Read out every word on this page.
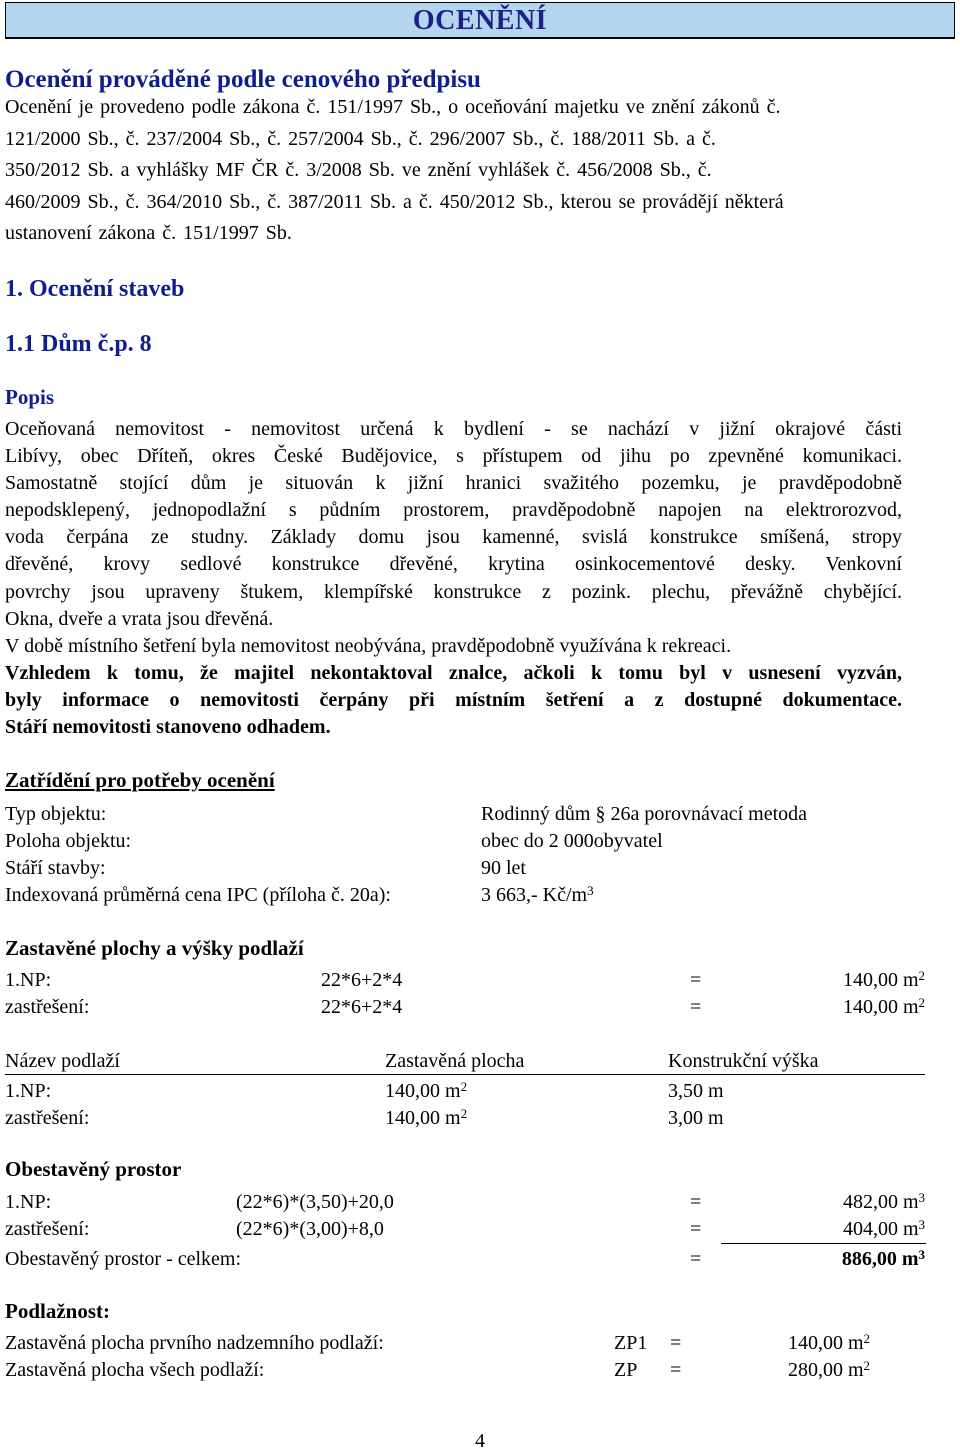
OCENĚNÍ
Ocenění prováděné podle cenového předpisu
Ocenění je provedeno podle zákona č. 151/1997 Sb., o oceňování majetku ve znění zákonů č.
121/2000 Sb., č. 237/2004 Sb., č. 257/2004 Sb., č. 296/2007 Sb., č. 188/2011 Sb. a č.
350/2012 Sb. a vyhlášky MF ČR č. 3/2008 Sb. ve znění vyhlášek č. 456/2008 Sb., č.
460/2009 Sb., č. 364/2010 Sb., č. 387/2011 Sb. a č. 450/2012 Sb., kterou se provádějí některá
ustanovení zákona č. 151/1997 Sb.
1. Ocenění staveb
1.1 Dům č.p. 8
Popis
Oceňovaná nemovitost - nemovitost určená k bydlení - se nachází v jižní okrajové části
Libívy, obec Dříteň, okres České Budějovice, s přístupem od jihu po zpevněné komunikaci.
Samostatně stojící dům je situován k jižní hranici svažitého pozemku, je pravděpodobně
nepodsklepený, jednopodlažní s půdním prostorem, pravděpodobně napojen na elektrorozvod,
voda čerpána ze studny. Základy domu jsou kamenné, svislá konstrukce smíšená, stropy
dřevěné, krovy sedlové konstrukce dřevěné, krytina osinkocementové desky. Venkovní
povrchy jsou upraveny štukem, klempířské konstrukce z pozink. plechu, převážně chybějící.
Okna, dveře a vrata jsou dřevěná.
V době místního šetření byla nemovitost neobývána, pravděpodobně využívána k rekreaci.
Vzhledem k tomu, že majitel nekontaktoval znalce, ačkoli k tomu byl v usnesení vyzván,
byly informace o nemovitosti čerpány při místním šetření a z dostupné dokumentace.
Stáří nemovitosti stanoveno odhadem.
Zatřídění pro potřeby ocenění
Typ objektu:	Rodinný dům § 26a porovnávací metoda
Poloha objektu:	obec do 2 000obyvatel
Stáří stavby:	90 let
Indexovaná průměrná cena IPC (příloha č. 20a):	3 663,- $Kč/m^3$
Zastavěné plochy a výšky podlaží
1.NP:	22*6+2*4	=	140,00 $m^2$
zastřešení:	22*6+2*4	=	140,00 $m^2$
Název podlaží	Zastavěná plocha	Konstrukční výška
1.NP:	140,00 $m^2$	3,50 m
zastřešení:	140,00 $m^2$	3,00 m
Obestavěný prostor
1.NP:	(22*6)*(3,50)+20,0	=	482,00 $m^3$
zastřešení:	(22*6)*(3,00)+8,0	=	404,00 $m^3$
Obestavěný prostor - celkem:	=	886,00 $m^3$
Podlažnost:
Zastavěná plocha prvního nadzemního podlaží:	ZP1 =	140,00 $m^2$
Zastavěná plocha všech podlaží:	ZP =	280,00 $m^2$
4
